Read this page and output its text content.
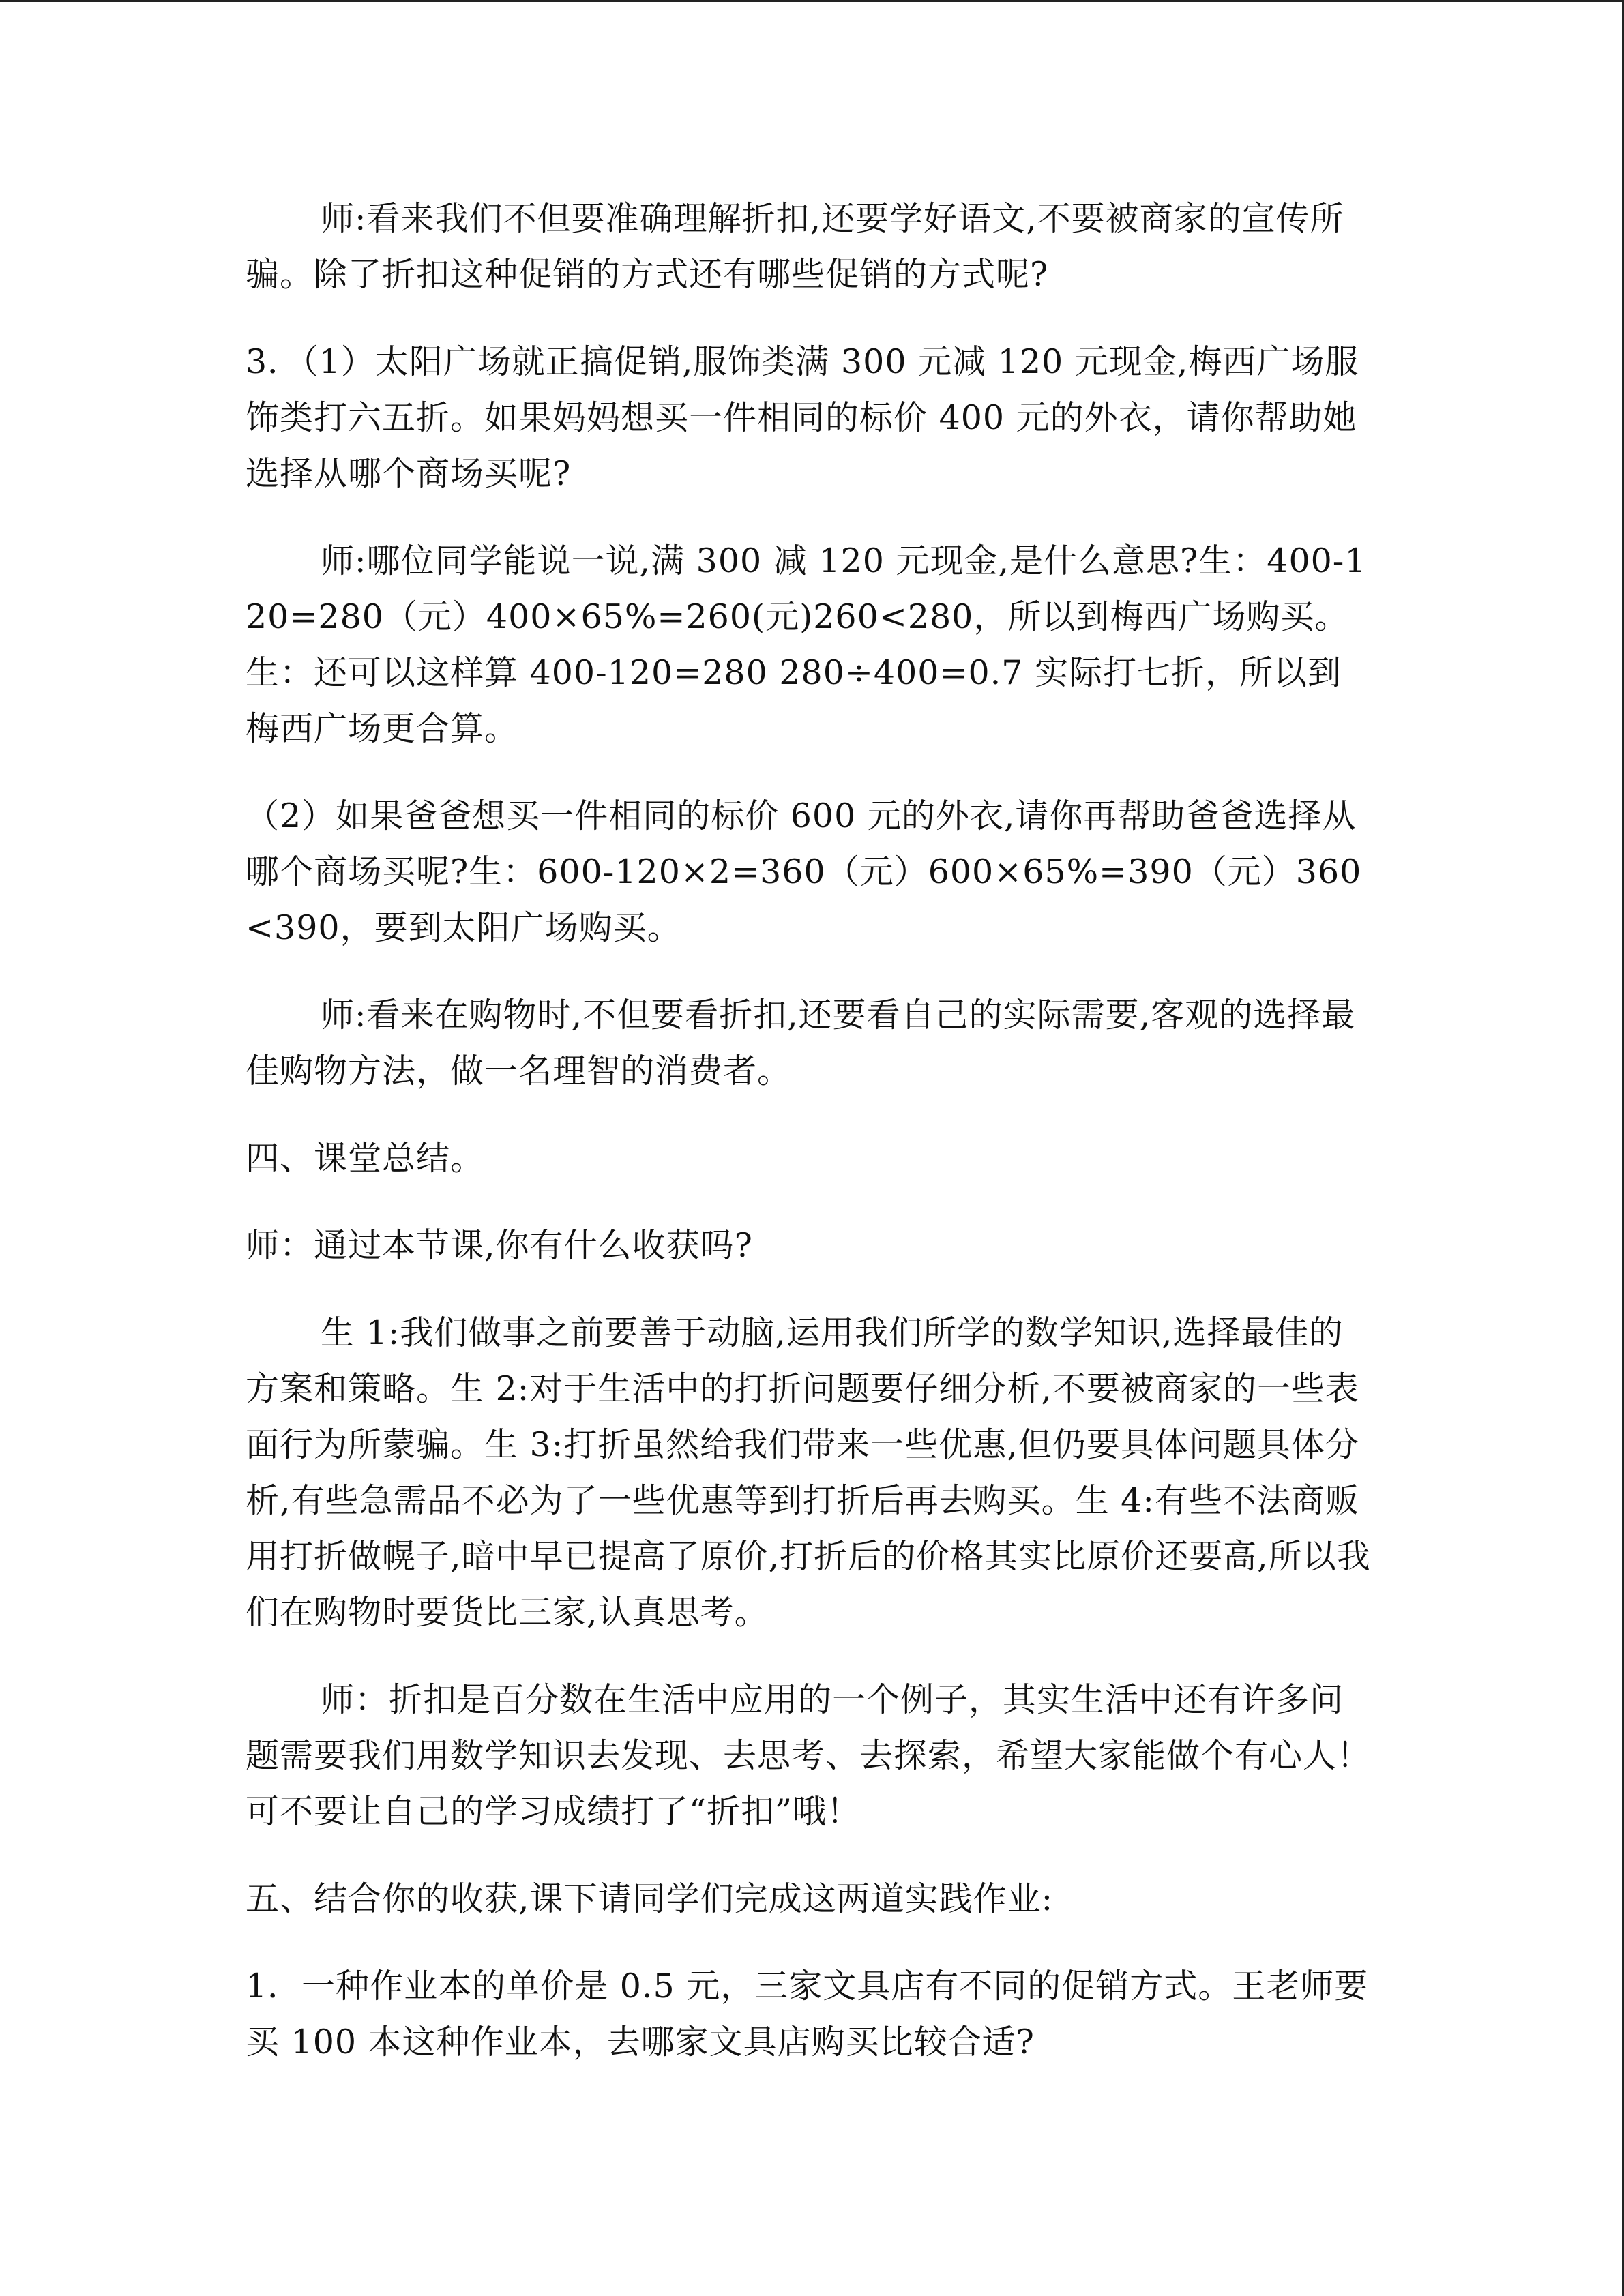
师:看来我们不但要准确理解折扣,还要学好语文,不要被商家的宣传所骗。除了折扣这种促销的方式还有哪些促销的方式呢?

3．（1）太阳广场就正搞促销,服饰类满 300 元减 120 元现金,梅西广场服饰类打六五折。如果妈妈想买一件相同的标价 400 元的外衣，请你帮助她选择从哪个商场买呢?

师:哪位同学能说一说,满 300 减 120 元现金,是什么意思?生：400-120=280（元）400×65%=260(元)260<280，所以到梅西广场购买。生：还可以这样算 400-120=280 280÷400=0.7 实际打七折，所以到梅西广场更合算。

（2）如果爸爸想买一件相同的标价 600 元的外衣,请你再帮助爸爸选择从哪个商场买呢?生：600-120×2=360（元）600×65%=390（元）360<390，要到太阳广场购买。

师:看来在购物时,不但要看折扣,还要看自己的实际需要,客观的选择最佳购物方法，做一名理智的消费者。

四、课堂总结。

师：通过本节课,你有什么收获吗?

生 1:我们做事之前要善于动脑,运用我们所学的数学知识,选择最佳的方案和策略。生 2:对于生活中的打折问题要仔细分析,不要被商家的一些表面行为所蒙骗。生 3:打折虽然给我们带来一些优惠,但仍要具体问题具体分析,有些急需品不必为了一些优惠等到打折后再去购买。生 4:有些不法商贩用打折做幌子,暗中早已提高了原价,打折后的价格其实比原价还要高,所以我们在购物时要货比三家,认真思考。

师：折扣是百分数在生活中应用的一个例子，其实生活中还有许多问题需要我们用数学知识去发现、去思考、去探索，希望大家能做个有心人！可不要让自己的学习成绩打了“折扣”哦！

五、结合你的收获,课下请同学们完成这两道实践作业:

1．一种作业本的单价是 0.5 元，三家文具店有不同的促销方式。王老师要买 100 本这种作业本，去哪家文具店购买比较合适?
